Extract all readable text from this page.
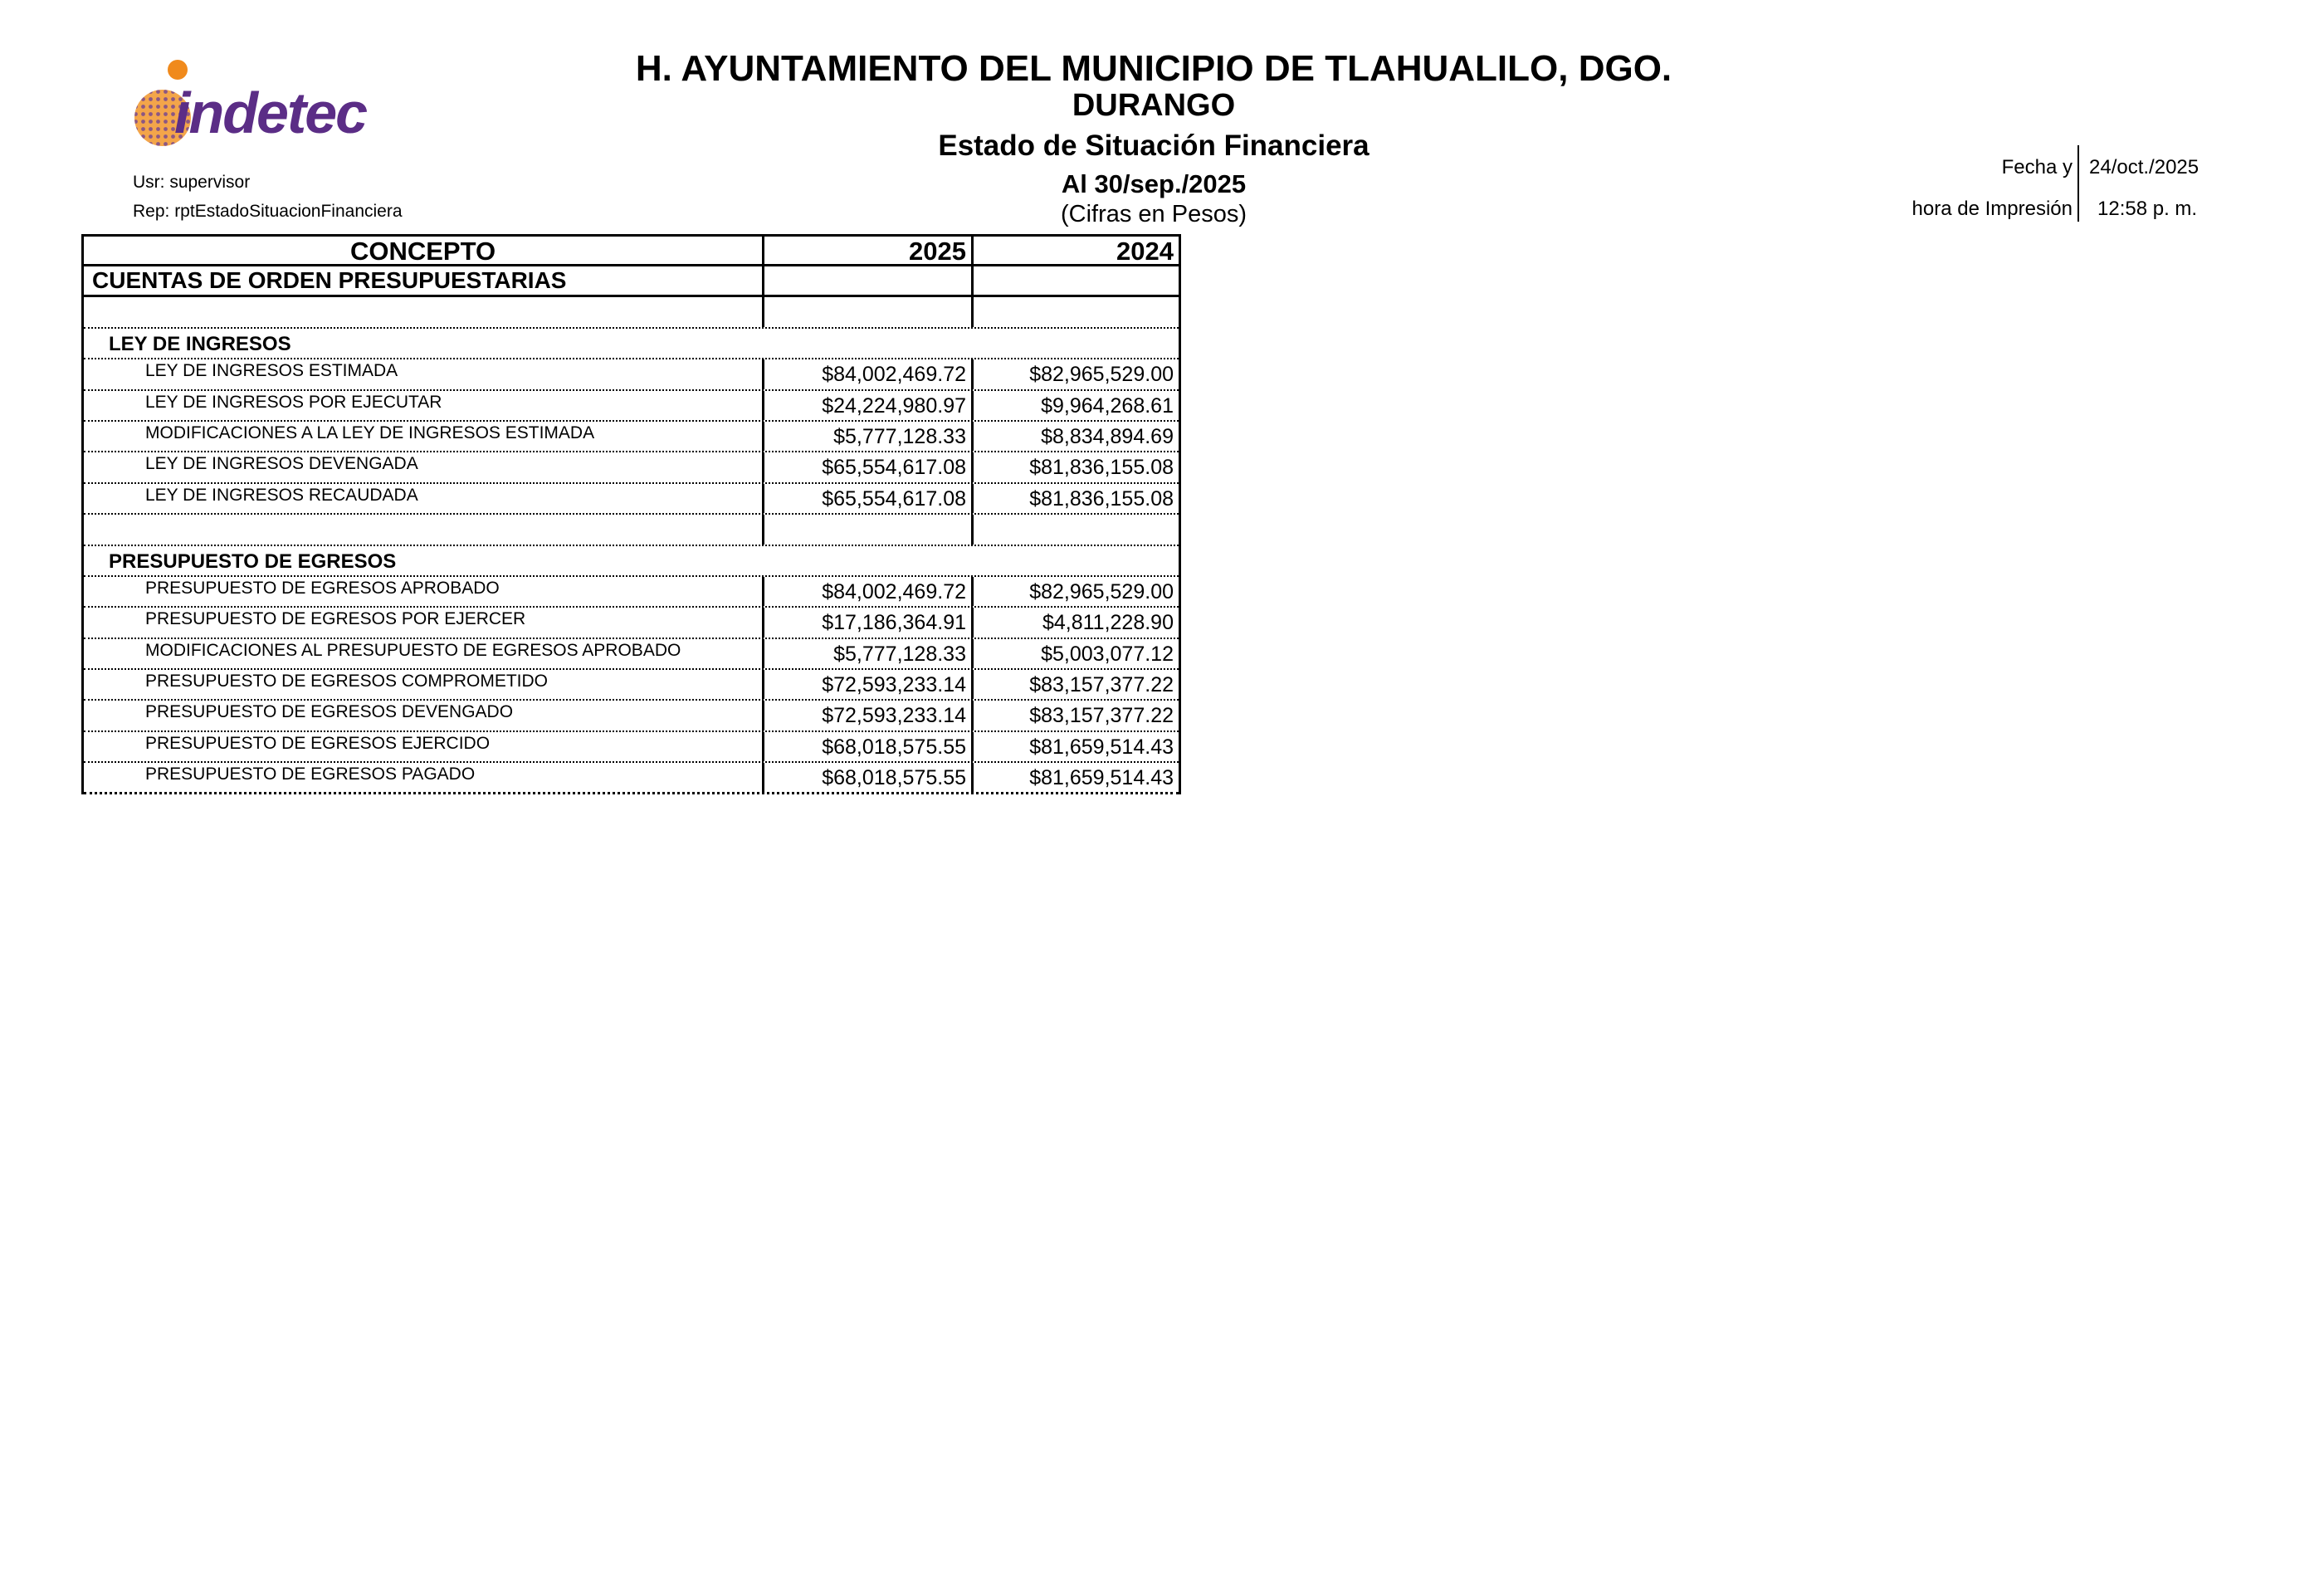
indetec
H. AYUNTAMIENTO DEL MUNICIPIO DE TLAHUALILO, DGO.
DURANGO
Estado de Situación Financiera
Al 30/sep./2025
(Cifras en Pesos)
Usr: supervisor
Rep: rptEstadoSituacionFinanciera
Fecha y
hora de Impresión
24/oct./2025
12:58 p. m.
CONCEPTO	2025	2024
CUENTAS DE ORDEN PRESUPUESTARIAS
LEY DE INGRESOS
LEY DE INGRESOS ESTIMADA	$84,002,469.72	$82,965,529.00
LEY DE INGRESOS POR EJECUTAR	$24,224,980.97	$9,964,268.61
MODIFICACIONES A LA LEY DE INGRESOS ESTIMADA	$5,777,128.33	$8,834,894.69
LEY DE INGRESOS DEVENGADA	$65,554,617.08	$81,836,155.08
LEY DE INGRESOS RECAUDADA	$65,554,617.08	$81,836,155.08
PRESUPUESTO DE EGRESOS
PRESUPUESTO DE EGRESOS APROBADO	$84,002,469.72	$82,965,529.00
PRESUPUESTO DE EGRESOS POR EJERCER	$17,186,364.91	$4,811,228.90
MODIFICACIONES AL PRESUPUESTO DE EGRESOS APROBADO	$5,777,128.33	$5,003,077.12
PRESUPUESTO DE EGRESOS COMPROMETIDO	$72,593,233.14	$83,157,377.22
PRESUPUESTO DE EGRESOS DEVENGADO	$72,593,233.14	$83,157,377.22
PRESUPUESTO DE EGRESOS EJERCIDO	$68,018,575.55	$81,659,514.43
PRESUPUESTO DE EGRESOS PAGADO	$68,018,575.55	$81,659,514.43
